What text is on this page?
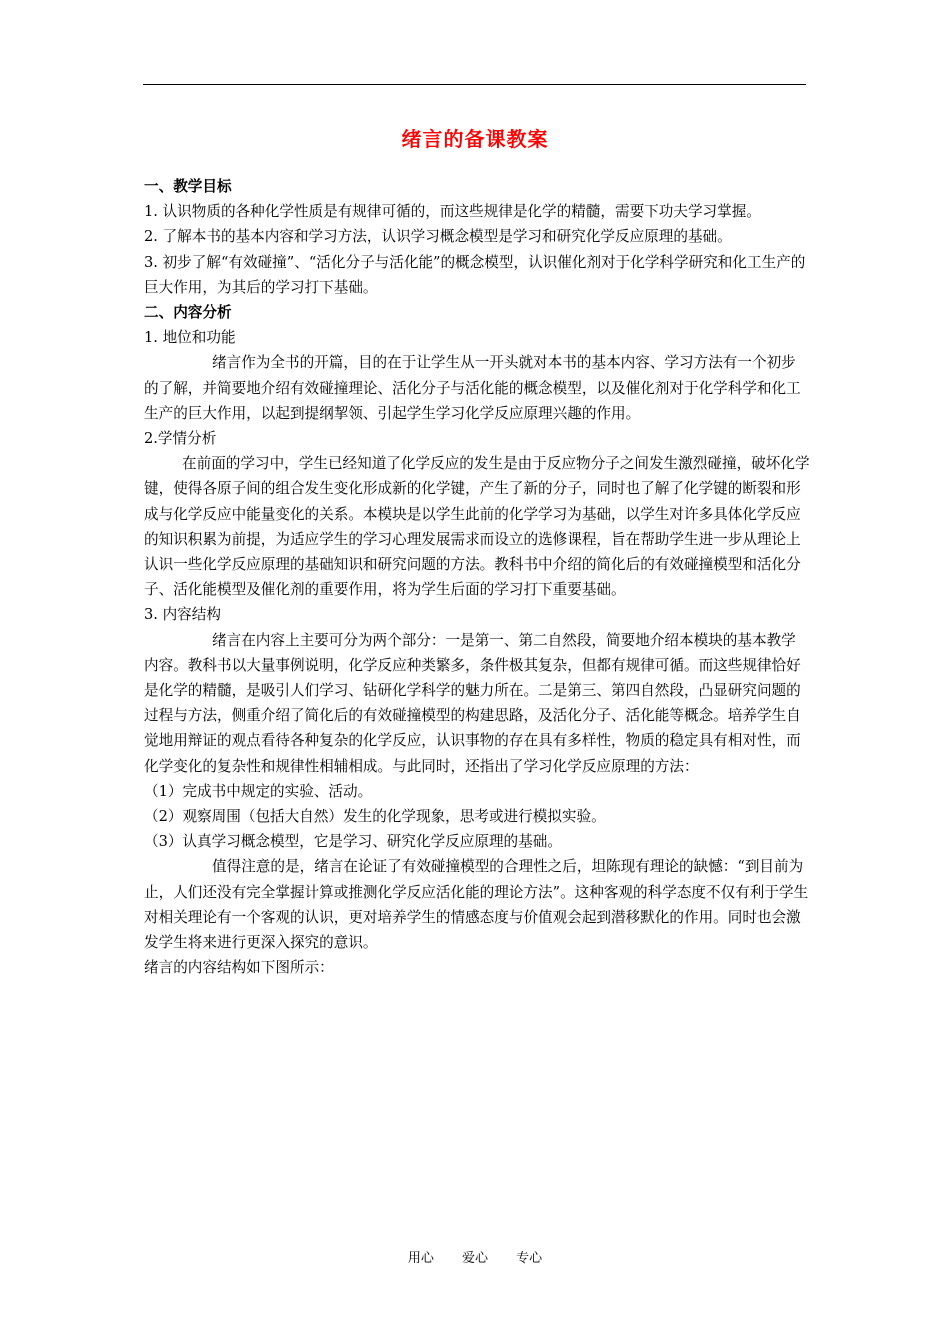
绪言的备课教案

一、教学目标

1. 认识物质的各种化学性质是有规律可循的，而这些规律是化学的精髓，需要下功夫学习掌握。

2. 了解本书的基本内容和学习方法，认识学习概念模型是学习和研究化学反应原理的基础。

3. 初步了解“有效碰撞”、“活化分子与活化能”的概念模型，认识催化剂对于化学科学研究和化工生产的巨大作用，为其后的学习打下基础。

二、内容分析

1. 地位和功能

绪言作为全书的开篇，目的在于让学生从一开头就对本书的基本内容、学习方法有一个初步的了解，并简要地介绍有效碰撞理论、活化分子与活化能的概念模型，以及催化剂对于化学科学和化工生产的巨大作用，以起到提纲挈领、引起学生学习化学反应原理兴趣的作用。

2.学情分析

在前面的学习中，学生已经知道了化学反应的发生是由于反应物分子之间发生激烈碰撞，破坏化学键，使得各原子间的组合发生变化形成新的化学键，产生了新的分子，同时也了解了化学键的断裂和形成与化学反应中能量变化的关系。本模块是以学生此前的化学学习为基础，以学生对许多具体化学反应的知识积累为前提，为适应学生的学习心理发展需求而设立的选修课程，旨在帮助学生进一步从理论上认识一些化学反应原理的基础知识和研究问题的方法。教科书中介绍的简化后的有效碰撞模型和活化分子、活化能模型及催化剂的重要作用，将为学生后面的学习打下重要基础。

3. 内容结构

绪言在内容上主要可分为两个部分：一是第一、第二自然段，简要地介绍本模块的基本教学内容。教科书以大量事例说明，化学反应种类繁多，条件极其复杂，但都有规律可循。而这些规律恰好是化学的精髓，是吸引人们学习、钻研化学科学的魅力所在。二是第三、第四自然段，凸显研究问题的过程与方法，侧重介绍了简化后的有效碰撞模型的构建思路，及活化分子、活化能等概念。培养学生自觉地用辩证的观点看待各种复杂的化学反应，认识事物的存在具有多样性，物质的稳定具有相对性，而化学变化的复杂性和规律性相辅相成。与此同时，还指出了学习化学反应原理的方法：

（1）完成书中规定的实验、活动。

（2）观察周围（包括大自然）发生的化学现象，思考或进行模拟实验。

（3）认真学习概念模型，它是学习、研究化学反应原理的基础。

值得注意的是，绪言在论证了有效碰撞模型的合理性之后，坦陈现有理论的缺憾：“到目前为止，人们还没有完全掌握计算或推测化学反应活化能的理论方法”。这种客观的科学态度不仅有利于学生对相关理论有一个客观的认识，更对培养学生的情感态度与价值观会起到潜移默化的作用。同时也会激发学生将来进行更深入探究的意识。

绪言的内容结构如下图所示：

用心 爱心 专心
